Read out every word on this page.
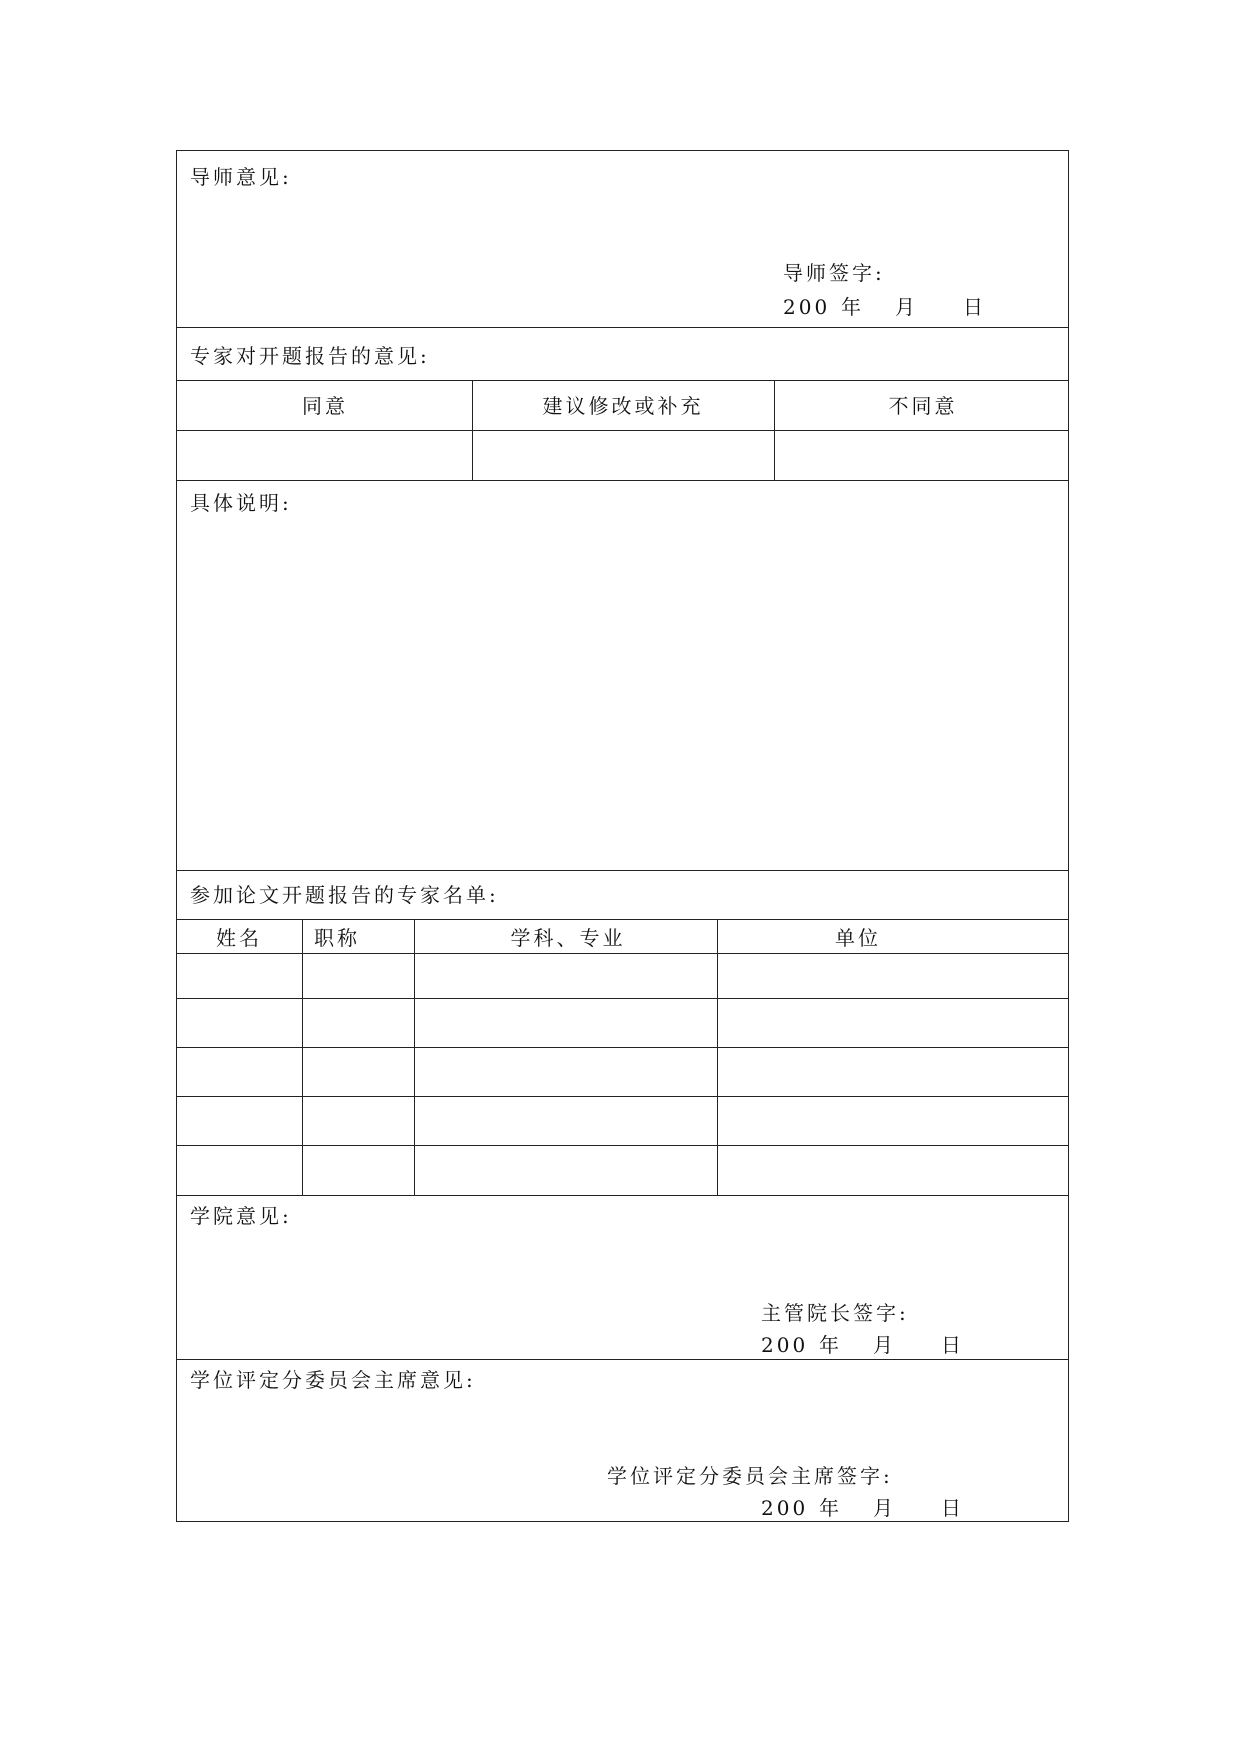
导师意见:
导师签字:
200 年 月 日
专家对开题报告的意见:
同意	建议修改或补充	不同意
具体说明:
参加论文开题报告的专家名单:
姓名	职称	学科、专业	单位
学院意见:
主管院长签字:
200 年 月 日
学位评定分委员会主席意见:
学位评定分委员会主席签字:
200 年 月 日
